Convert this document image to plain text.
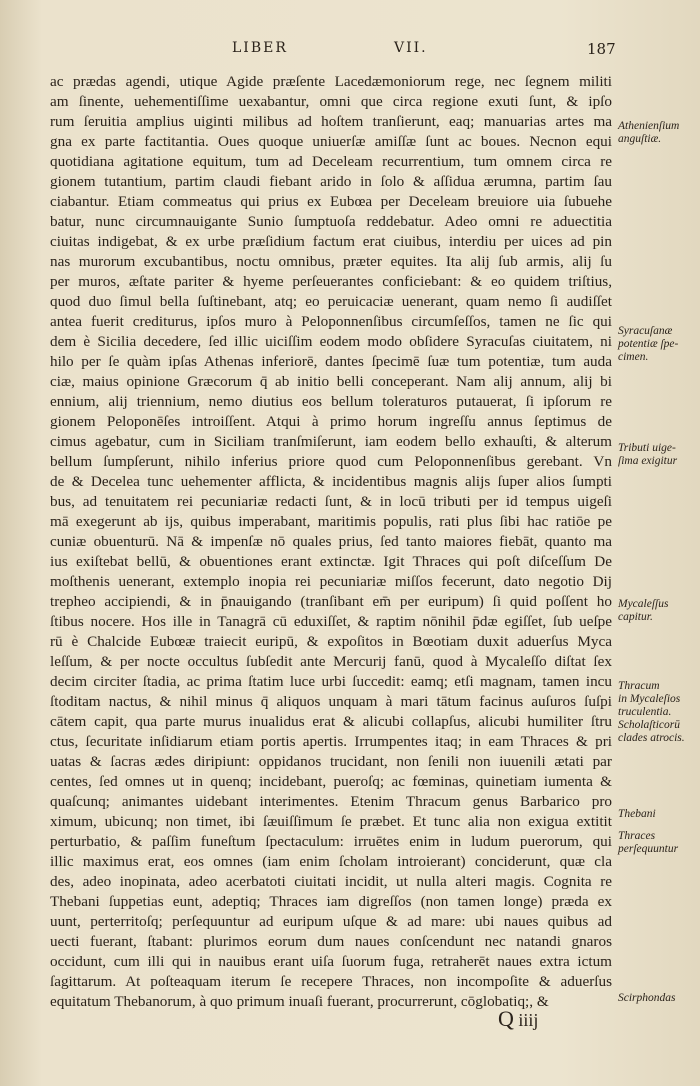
LIBER	VII.	187
ac prædas agendi, utique Agide præſente Lacedæmoniorum rege, nec ſegnem militi
am ſinente, uehementiſſime uexabantur, omni que circa regione exuti ſunt, & ipſo
rum ſeruitia amplius uiginti milibus ad hoſtem tranſierunt, eaq; manuarias artes ma
gna ex parte factitantia. Oues quoque uniuerſæ amiſſæ ſunt ac boues. Necnon equi
quotidiana agitatione equitum, tum ad Deceleam recurrentium, tum omnem circa re
gionem tutantium, partim claudi fiebant arido in ſolo & aſſidua ærumna, partim ſau
ciabantur. Etiam commeatus qui prius ex Eubœa per Deceleam breuiore uia ſubuehe
batur, nunc circumnauigante Sunio ſumptuoſa reddebatur. Adeo omni re aduectitia
ciuitas indigebat, & ex urbe præſidium factum erat ciuibus, interdiu per uices ad pin
nas murorum excubantibus, noctu omnibus, præter equites. Ita alij ſub armis, alij ſu
per muros, æſtate pariter & hyeme perſeuerantes conficiebant: & eo quidem triſtius,
quod duo ſimul bella ſuſtinebant, atq; eo peruicaciæ uenerant, quam nemo ſi audiſſet
antea fuerit crediturus, ipſos muro à Peloponnenſibus circumſeſſos, tamen ne ſic qui
dem è Sicilia decedere, ſed illic uiciſſim eodem modo obſidere Syracuſas ciuitatem, ni
hilo per ſe quàm ipſas Athenas inferiorē, dantes ſpecimē ſuæ tum potentiæ, tum auda
ciæ, maius opinione Græcorum q̄ ab initio belli conceperant. Nam alij annum, alij bi
ennium, alij triennium, nemo diutius eos bellum toleraturos putauerat, ſi ipſorum re
gionem Peloponēſes introiſſent. Atqui à primo horum ingreſſu annus ſeptimus de
cimus agebatur, cum in Siciliam tranſmiſerunt, iam eodem bello exhauſti, & alterum
bellum ſumpſerunt, nihilo inferius priore quod cum Peloponnenſibus gerebant. Vn
de & Decelea tunc uehementer afflicta, & incidentibus magnis alijs ſuper alios ſumpti
bus, ad tenuitatem rei pecuniariæ redacti ſunt, & in locū tributi per id tempus uigeſi
mā exegerunt ab ijs, quibus imperabant, maritimis populis, rati plus ſibi hac ratiōe pe
cuniæ obuenturū. Nā & impenſæ nō quales prius, ſed tanto maiores fiebāt, quanto ma
ius exiſtebat bellū, & obuentiones erant extinctæ. Igit Thraces qui poſt diſceſſum De
moſthenis uenerant, extemplo inopia rei pecuniariæ miſſos fecerunt, dato negotio Dij
trepheo accipiendi, & in p̄nauigando (tranſibant em̄ per euripum) ſi quid poſſent ho
ſtibus nocere. Hos ille in Tanagrā cū eduxiſſet, & raptim nōnihil p̄dæ egiſſet, ſub ueſpe
rū è Chalcide Eubœæ traiecit euripū, & expoſitos in Bœotiam duxit aduerſus Myca
leſſum, & per nocte occultus ſubſedit ante Mercurij fanū, quod à Mycaleſſo diſtat ſex
decim circiter ſtadia, ac prima ſtatim luce urbi ſuccedit: eamq; etſi magnam, tamen incu
ſtoditam nactus, & nihil minus q̄ aliquos unquam à mari tātum facinus auſuros ſuſpi
cātem capit, qua parte murus inualidus erat & alicubi collapſus, alicubi humiliter ſtru
ctus, ſecuritate inſidiarum etiam portis apertis. Irrumpentes itaq; in eam Thraces & pri
uatas & ſacras ædes diripiunt: oppidanos trucidant, non ſenili non iuuenili ætati par
centes, ſed omnes ut in quenq; incidebant, pueroſq; ac fœminas, quinetiam iumenta &
quaſcunq; animantes uidebant interimentes. Etenim Thracum genus Barbarico pro
ximum, ubicunq; non timet, ibi ſæuiſſimum ſe præbet. Et tunc alia non exigua extitit
perturbatio, & paſſim funeſtum ſpectaculum: irruētes enim in ludum puerorum, qui
illic maximus erat, eos omnes (iam enim ſcholam introierant) conciderunt, quæ cla
des, adeo inopinata, adeo acerbatoti ciuitati incidit, ut nulla alteri magis. Cognita re
Thebani ſuppetias eunt, adeptiq; Thraces iam digreſſos (non tamen longe) præda ex
uunt, perterritoſq; perſequuntur ad euripum uſque & ad mare: ubi naues quibus ad
uecti fuerant, ſtabant: plurimos eorum dum naues conſcendunt nec natandi gnaros
occidunt, cum illi qui in nauibus erant uiſa ſuorum fuga, retraherēt naues extra ictum
ſagittarum. At poſteaquam iterum ſe recepere Thraces, non incompoſite & aduerſus
equitatum Thebanorum, à quo primum inuaſi fuerant, procurrerunt, cōglobatiq;, &
Athenienſium
anguſtiæ.
Syracuſanæ
potentiæ ſpe-
cimen.
Tributi uige-
ſima exigitur
Mycaleſſus
capitur.
Thracum
in Mycaleſios
truculentia.
Scholaſticorū
clades atrocis.
Thebani
Thraces
perſequuntur
Scirphondas
Q iiij
